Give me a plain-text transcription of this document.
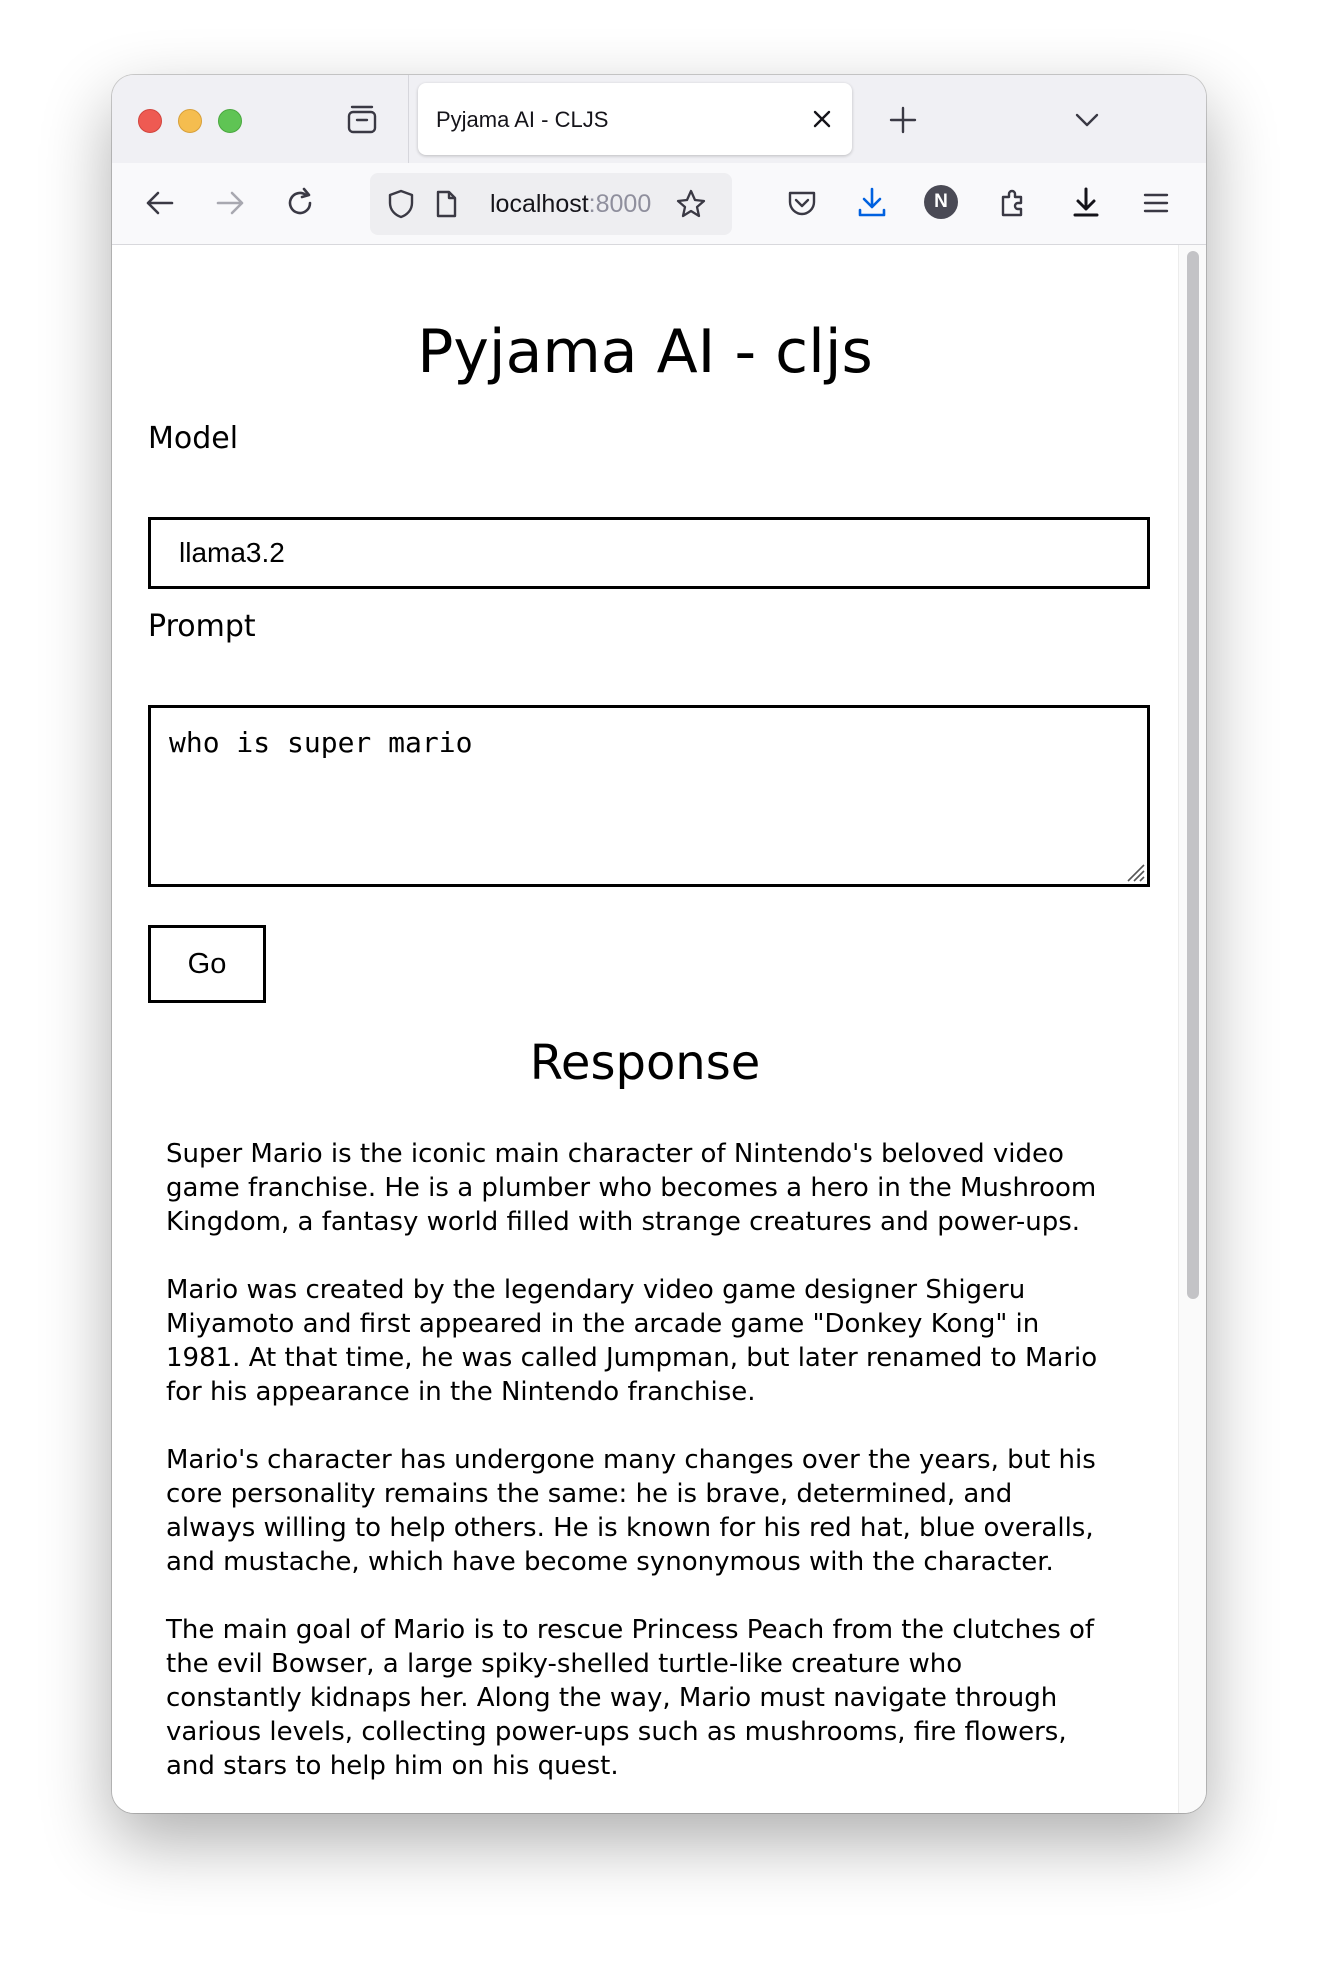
Pyjama AI - CLJS
localhost:8000	N
Pyjama AI - cljs
Model
llama3.2
Prompt
who is super mario
Go
Response

Super Mario is the iconic main character of Nintendo's beloved video game franchise. He is a plumber who becomes a hero in the Mushroom Kingdom, a fantasy world filled with strange creatures and power-ups.

Mario was created by the legendary video game designer Shigeru Miyamoto and first appeared in the arcade game "Donkey Kong" in 1981. At that time, he was called Jumpman, but later renamed to Mario for his appearance in the Nintendo franchise.

Mario's character has undergone many changes over the years, but his core personality remains the same: he is brave, determined, and always willing to help others. He is known for his red hat, blue overalls, and mustache, which have become synonymous with the character.

The main goal of Mario is to rescue Princess Peach from the clutches of the evil Bowser, a large spiky-shelled turtle-like creature who constantly kidnaps her. Along the way, Mario must navigate through various levels, collecting power-ups such as mushrooms, fire flowers, and stars to help him on his quest.
